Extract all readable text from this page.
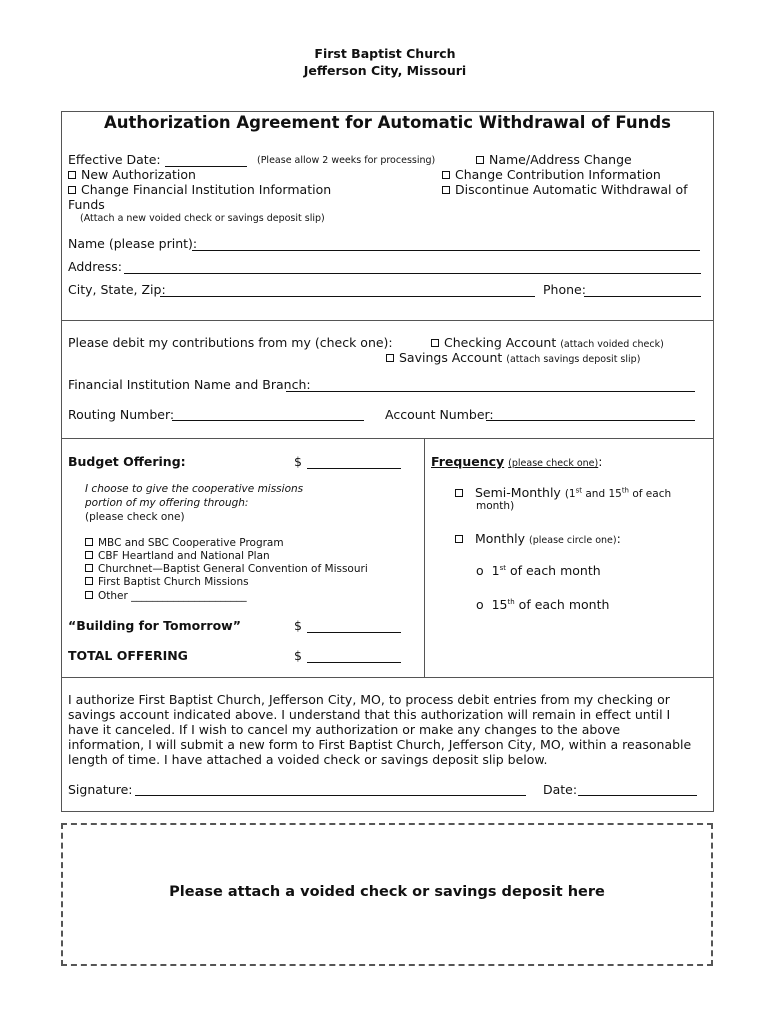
First Baptist Church
Jefferson City, Missouri
Authorization Agreement for Automatic Withdrawal of Funds
Effective Date:	(Please allow 2 weeks for processing)	Name/Address Change
New Authorization	Change Contribution Information
Change Financial Institution Information	Discontinue Automatic Withdrawal of
Funds
(Attach a new voided check or savings deposit slip)
Name (please print):
Address:
City, State, Zip:	Phone:
Please debit my contributions from my (check one):	Checking Account (attach voided check)
Savings Account (attach savings deposit slip)
Financial Institution Name and Branch:
Routing Number:	Account Number:
Budget Offering:	$
I choose to give the cooperative missions
portion of my offering through:
(please check one)
MBC and SBC Cooperative Program
CBF Heartland and National Plan
Churchnet—Baptist General Convention of Missouri
First Baptist Church Missions
Other ______________________
“Building for Tomorrow”	$
TOTAL OFFERING	$
Frequency (please check one):
Semi-Monthly (1st and 15th of each
month)
Monthly (please circle one):
o 1st of each month
o 15th of each month
I authorize First Baptist Church, Jefferson City, MO, to process debit entries from my checking or
savings account indicated above. I understand that this authorization will remain in effect until I
have it canceled. If I wish to cancel my authorization or make any changes to the above
information, I will submit a new form to First Baptist Church, Jefferson City, MO, within a reasonable
length of time. I have attached a voided check or savings deposit slip below.
Signature:	Date:
Please attach a voided check or savings deposit here
